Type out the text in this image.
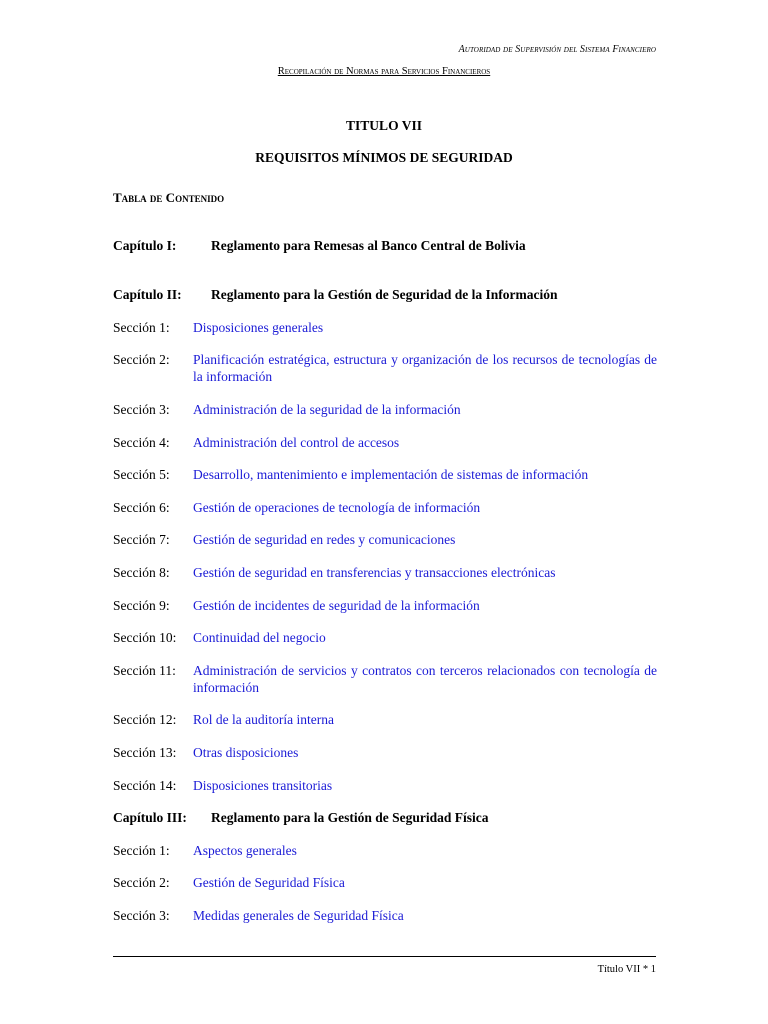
Autoridad de Supervisión del Sistema Financiero
Recopilación de Normas para Servicios Financieros
TITULO VII
REQUISITOS MÍNIMOS DE SEGURIDAD
Tabla de Contenido
Capítulo I:	Reglamento para Remesas al Banco Central de Bolivia
Capítulo II: Reglamento para la Gestión de Seguridad de la Información
Sección 1: Disposiciones generales
Sección 2: Planificación estratégica, estructura y organización de los recursos de tecnologías de la información
Sección 3: Administración de la seguridad de la información
Sección 4: Administración del control de accesos
Sección 5: Desarrollo, mantenimiento e implementación de sistemas de información
Sección 6: Gestión de operaciones de tecnología de información
Sección 7: Gestión de seguridad en redes y comunicaciones
Sección 8: Gestión de seguridad en transferencias y transacciones electrónicas
Sección 9: Gestión de incidentes de seguridad de la información
Sección 10: Continuidad del negocio
Sección 11: Administración de servicios y contratos con terceros relacionados con tecnología de información
Sección 12: Rol de la auditoría interna
Sección 13: Otras disposiciones
Sección 14: Disposiciones transitorias
Capítulo III: Reglamento para la Gestión de Seguridad Física
Sección 1: Aspectos generales
Sección 2: Gestión de Seguridad Física
Sección 3: Medidas generales de Seguridad Física
Título VII * 1
